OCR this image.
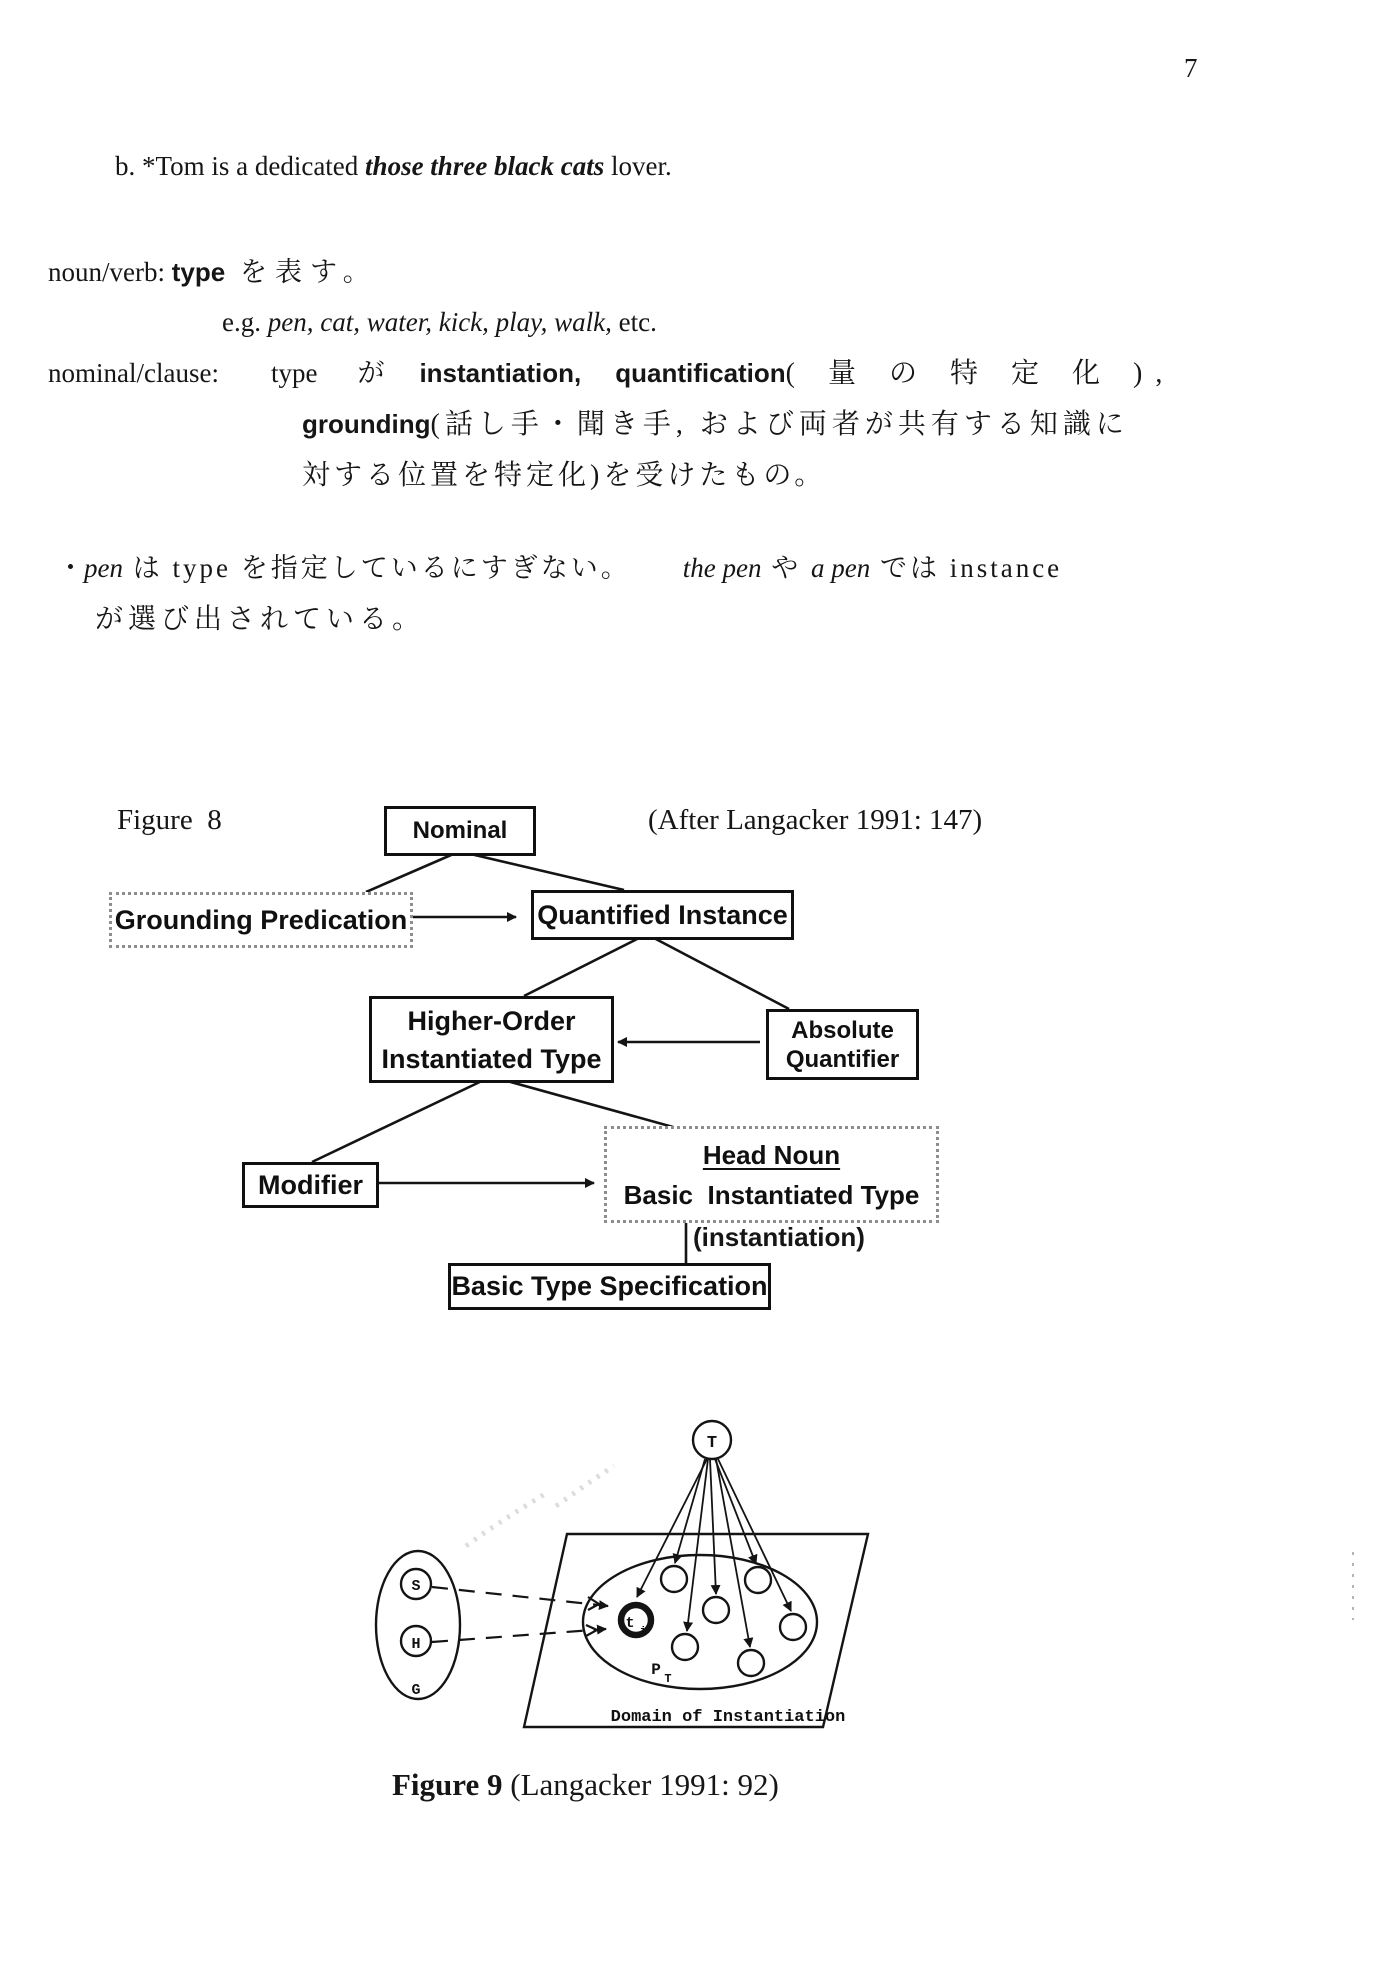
T
S
H
G
t i
P T
Domain of Instantiation
7
b. *Tom is a dedicated those three black cats lover.
noun/verb: type を表す。
e.g. pen, cat, water, kick, play, walk, etc.
nominal/clause: type が instantiation, quantification( 量 の 特 定 化 ),
grounding(話し手・聞き手, および両者が共有する知識に
対する位置を特定化)を受けたもの。
・pen は type を指定しているにすぎない。 the pen や a pen では instance
が選び出されている。
Figure  8	(After Langacker 1991: 147)
Nominal
Grounding Predication	Quantified Instance
Higher-Order
Instantiated Type
Absolute
Quantifier
Modifier
Head Noun
Basic  Instantiated Type
(instantiation)
Basic Type Specification
Figure 9 (Langacker 1991: 92)
